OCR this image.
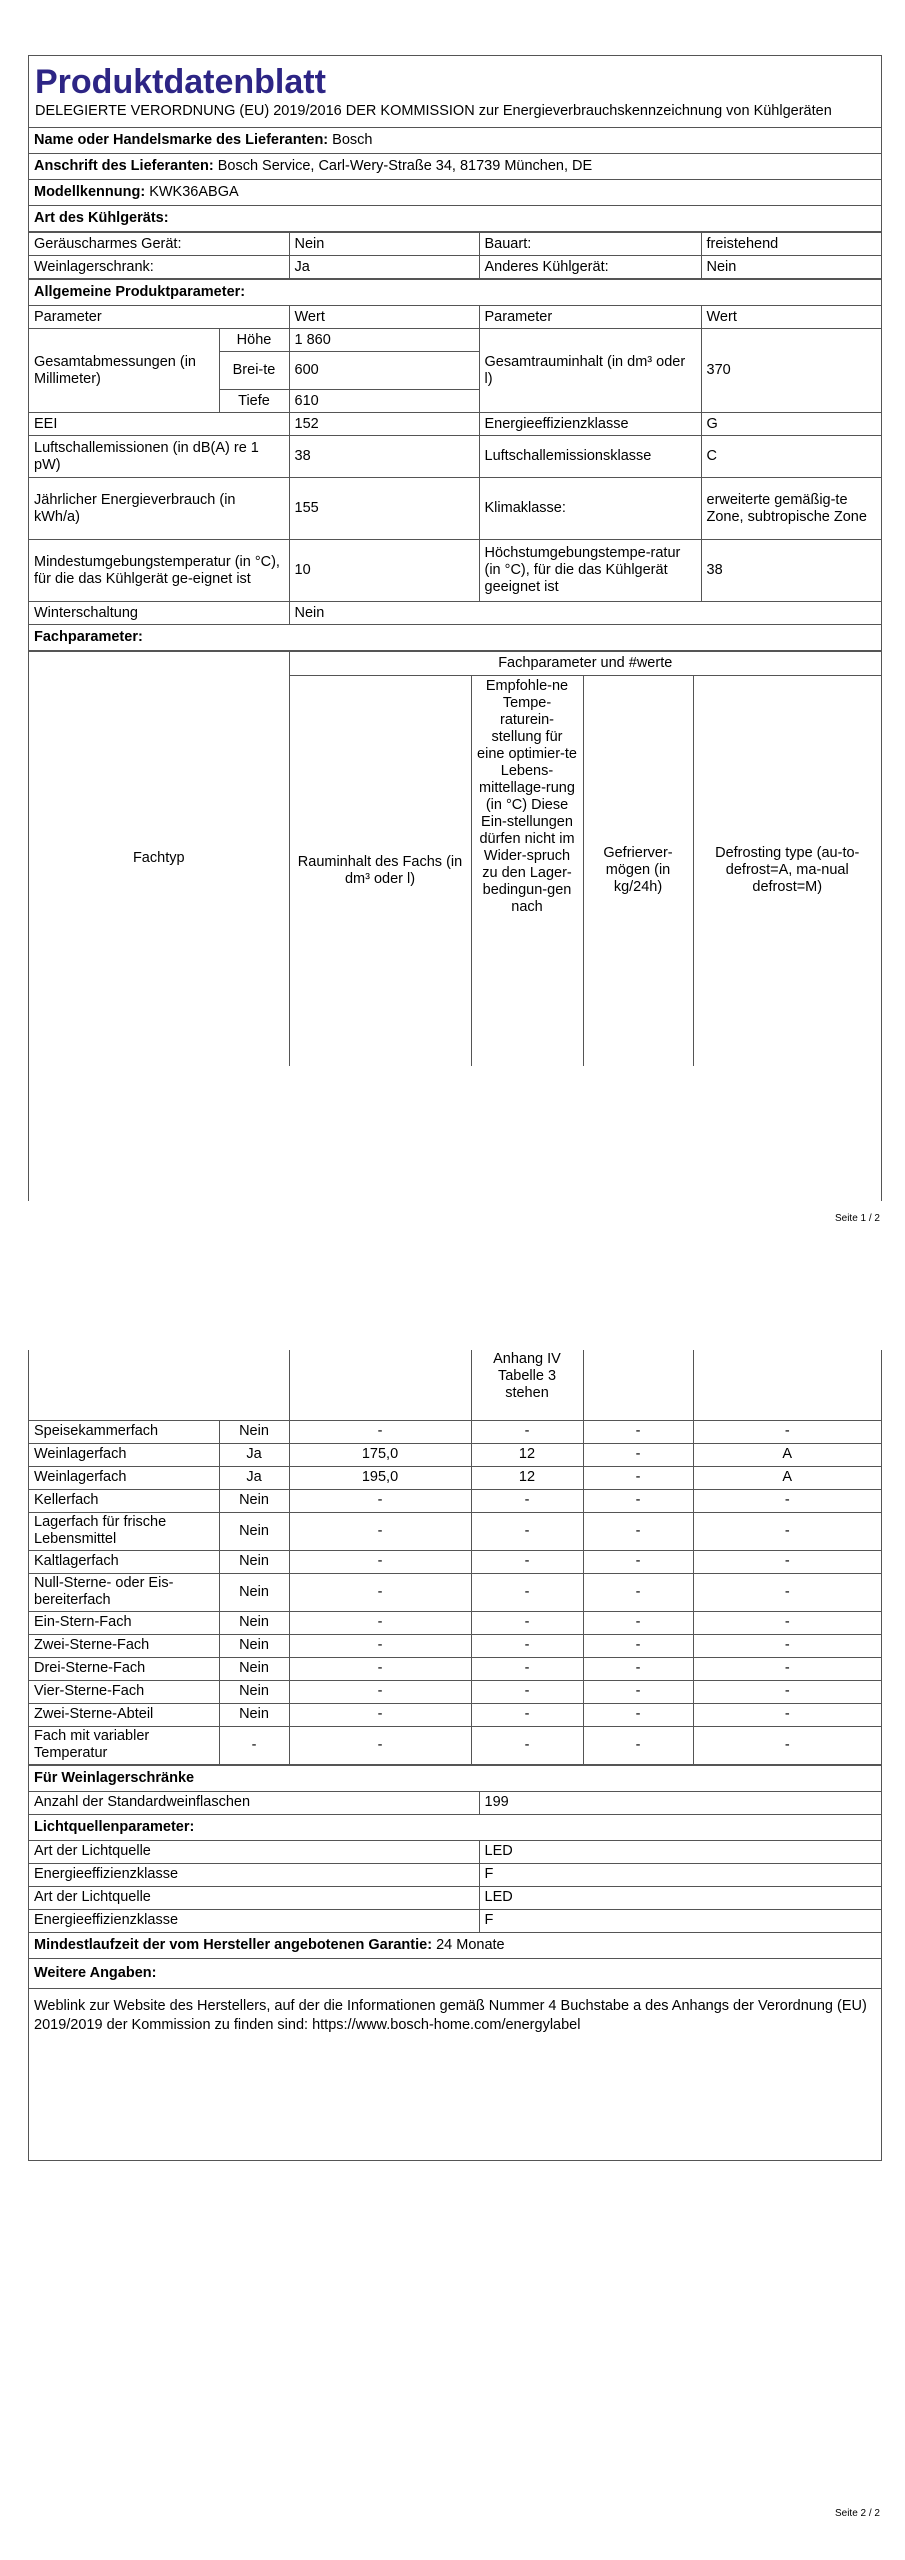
Produktdatenblatt
DELEGIERTE VERORDNUNG (EU) 2019/2016 DER KOMMISSION zur Energieverbrauchskennzeichnung von Kühlgeräten
Name oder Handelsmarke des Lieferanten: Bosch
Anschrift des Lieferanten: Bosch Service, Carl-Wery-Straße 34, 81739 München, DE
Modellkennung: KWK36ABGA
Art des Kühlgeräts:
Geräuscharmes Gerät:	Nein	Bauart:	freistehend
Weinlagerschrank:	Ja	Anderes Kühlgerät:	Nein
Allgemeine Produktparameter:				
Parameter		Wert	Parameter	Wert
Gesamtabmessungen (in Millimeter)	Höhe	1 860	Gesamtrauminhalt (in dm³ oder l)	370
	Brei-te	600		
	Tiefe	610		
EEI		152	Energieeffizienzklasse	G
Luftschallemissionen (in dB(A) re 1 pW)		38	Luftschallemissionsklasse	C
Jährlicher Energieverbrauch (in kWh/a)		155	Klimaklasse:	erweiterte gemäßig-te Zone, subtropische Zone
Mindestumgebungstemperatur (in °C), für die das Kühlgerät ge-eignet ist		10	Höchstumgebungstempe-ratur (in °C), für die das Kühlgerät geeignet ist	38
Winterschaltung		Nein		
Fachparameter:				
Fachtyp	Fachparameter und #werte			
	Rauminhalt des Fachs (in dm³ oder l)	Empfohle-ne Tempe-raturein-stellung für eine optimier-te Lebens-mittellage-rung (in °C) Diese Ein-stellungen dürfen nicht im Wider-spruch zu den Lager-bedingun-gen nach	Gefrierver-mögen (in kg/24h)	Defrosting type (au-to-defrost=A, ma-nual defrost=M)
Seite 1 / 2
			Anhang IV Tabelle 3 stehen		
Speisekammerfach	Nein	-	-	-	-
Weinlagerfach	Ja	175,0	12	-	A
Weinlagerfach	Ja	195,0	12	-	A
Kellerfach	Nein	-	-	-	-
Lagerfach für frische Lebensmittel	Nein	-	-	-	-
Kaltlagerfach	Nein	-	-	-	-
Null-Sterne- oder Eis-bereiterfach	Nein	-	-	-	-
Ein-Stern-Fach	Nein	-	-	-	-
Zwei-Sterne-Fach	Nein	-	-	-	-
Drei-Sterne-Fach	Nein	-	-	-	-
Vier-Sterne-Fach	Nein	-	-	-	-
Zwei-Sterne-Abteil	Nein	-	-	-	-
Fach mit variabler Temperatur	-	-	-	-	-
Für Weinlagerschränke	
Anzahl der Standardweinflaschen	199
Lichtquellenparameter:	
Art der Lichtquelle	LED
Energieeffizienzklasse	F
Art der Lichtquelle	LED
Energieeffizienzklasse	F
Mindestlaufzeit der vom Hersteller angebotenen Garantie: 24 Monate	
Weitere Angaben:	
Weblink zur Website des Herstellers, auf der die Informationen gemäß Nummer 4 Buchstabe a des Anhangs der Verordnung (EU) 2019/2019 der Kommission zu finden sind: https://www.bosch-home.com/energylabel	
Seite 2 / 2
